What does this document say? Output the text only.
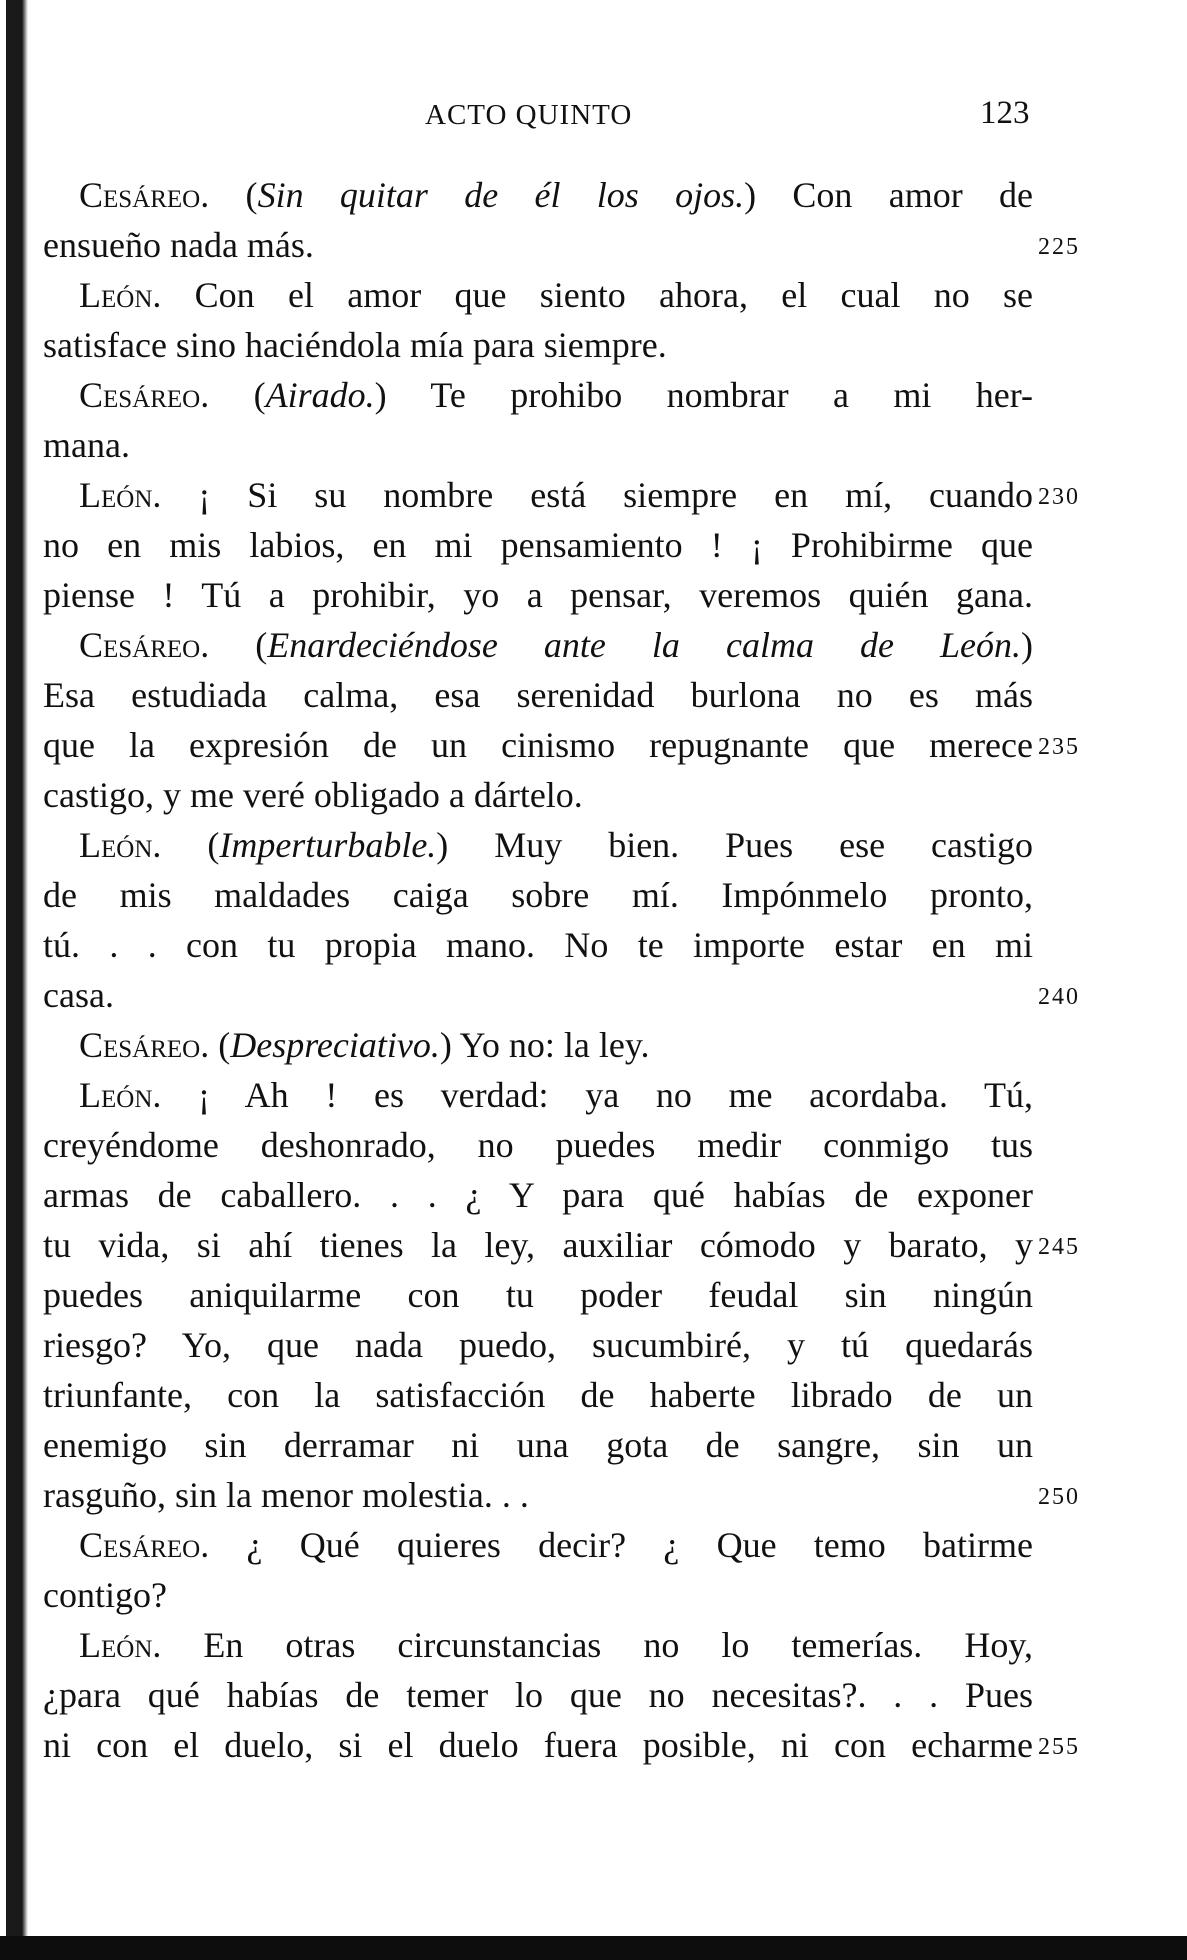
ACTO QUINTO	123
Cesáreo. (Sin quitar de él los ojos.) Con amor de
ensueño nada más.	225
León. Con el amor que siento ahora, el cual no se
satisface sino haciéndola mía para siempre.
Cesáreo. (Airado.) Te prohibo nombrar a mi her-
mana.
León. ¡ Si su nombre está siempre en mí, cuando 230
no en mis labios, en mi pensamiento ! ¡ Prohibirme que
piense ! Tú a prohibir, yo a pensar, veremos quién gana.
Cesáreo. (Enardeciéndose ante la calma de León.)
Esa estudiada calma, esa serenidad burlona no es más
que la expresión de un cinismo repugnante que merece 235
castigo, y me veré obligado a dártelo.
León. (Imperturbable.) Muy bien. Pues ese castigo
de mis maldades caiga sobre mí. Impónmelo pronto,
tú. . . con tu propia mano. No te importe estar en mi
casa.	240
Cesáreo. (Despreciativo.) Yo no: la ley.
León. ¡ Ah ! es verdad: ya no me acordaba. Tú,
creyéndome deshonrado, no puedes medir conmigo tus
armas de caballero. . . ¿ Y para qué habías de exponer
tu vida, si ahí tienes la ley, auxiliar cómodo y barato, y 245
puedes aniquilarme con tu poder feudal sin ningún
riesgo? Yo, que nada puedo, sucumbiré, y tú quedarás
triunfante, con la satisfacción de haberte librado de un
enemigo sin derramar ni una gota de sangre, sin un
rasguño, sin la menor molestia. . .	250
Cesáreo. ¿ Qué quieres decir? ¿ Que temo batirme
contigo?
León. En otras circunstancias no lo temerías. Hoy,
¿para qué habías de temer lo que no necesitas?. . . Pues
ni con el duelo, si el duelo fuera posible, ni con echarme 255
